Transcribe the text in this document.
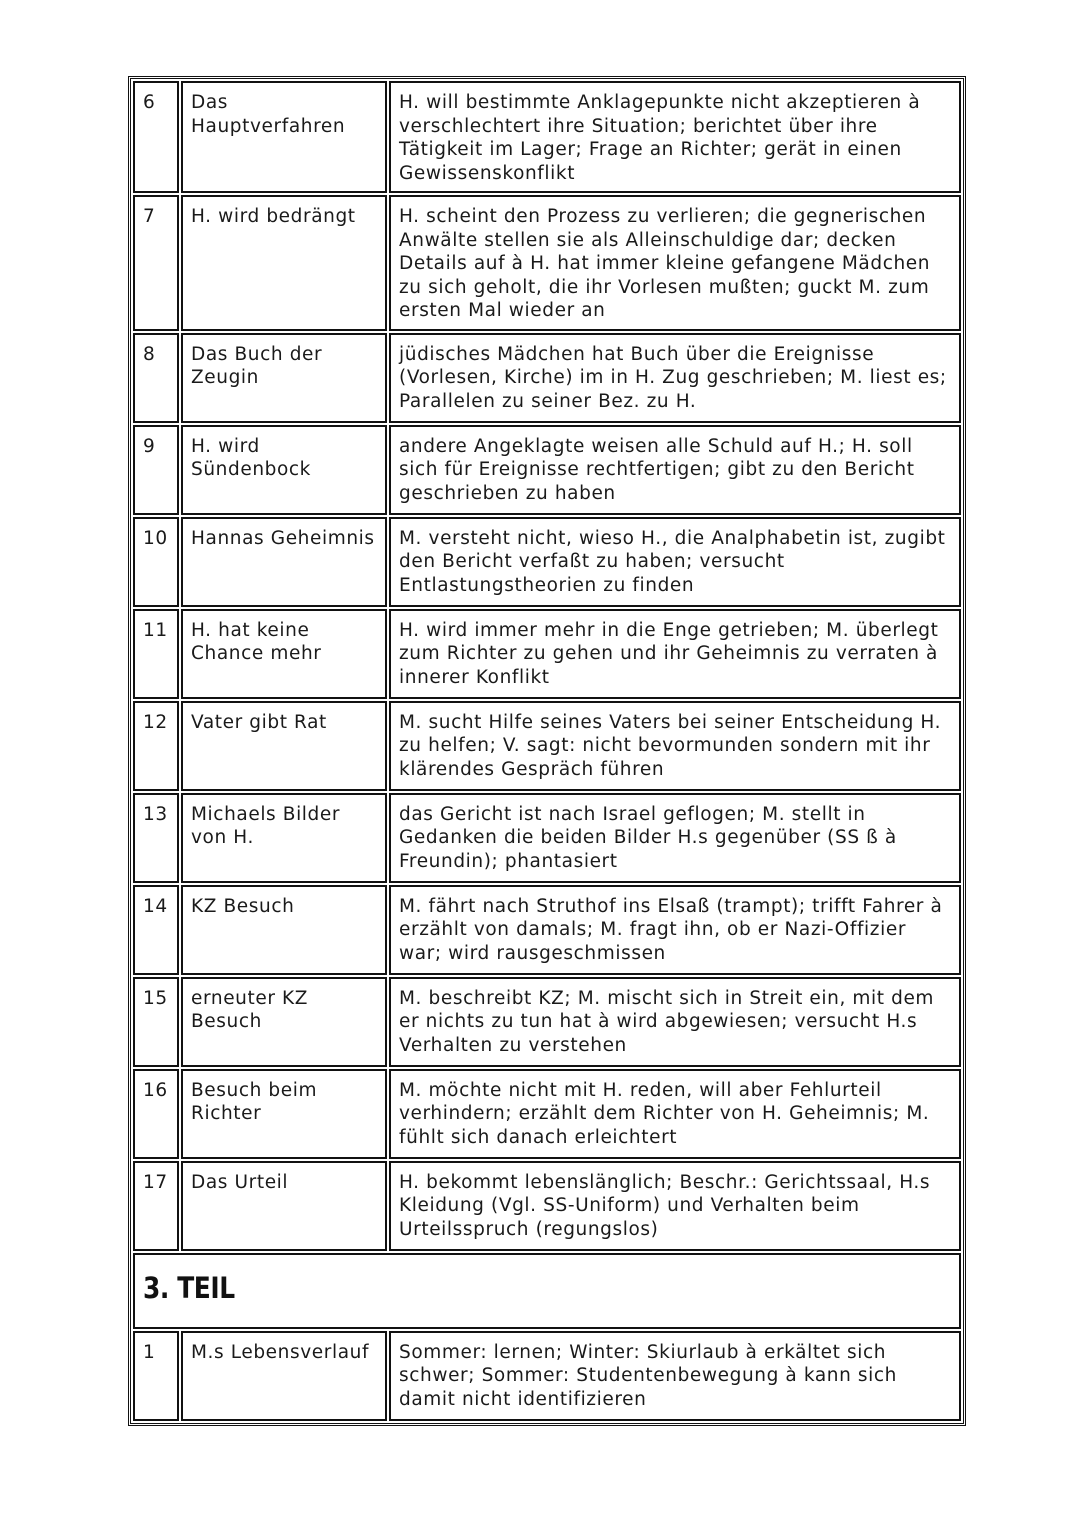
6	Das Hauptverfahren	H. will bestimmte Anklagepunkte nicht akzeptieren à verschlechtert ihre Situation; berichtet über ihre Tätigkeit im Lager; Frage an Richter; gerät in einen Gewissenskonflikt
7	H. wird bedrängt	H. scheint den Prozess zu verlieren; die gegnerischen Anwälte stellen sie als Alleinschuldige dar; decken Details auf à H. hat immer kleine gefangene Mädchen zu sich geholt, die ihr Vorlesen mußten; guckt M. zum ersten Mal wieder an
8	Das Buch der Zeugin	jüdisches Mädchen hat Buch über die Ereignisse (Vorlesen, Kirche) im in H. Zug geschrieben; M. liest es; Parallelen zu seiner Bez. zu H.
9	H. wird Sündenbock	andere Angeklagte weisen alle Schuld auf H.; H. soll sich für Ereignisse rechtfertigen; gibt zu den Bericht geschrieben zu haben
10	Hannas Geheimnis	M. versteht nicht, wieso H., die Analphabetin ist, zugibt den Bericht verfaßt zu haben; versucht Entlastungstheorien zu finden
11	H. hat keine Chance mehr	H. wird immer mehr in die Enge getrieben; M. überlegt zum Richter zu gehen und ihr Geheimnis zu verraten à innerer Konflikt
12	Vater gibt Rat	M. sucht Hilfe seines Vaters bei seiner Entscheidung H. zu helfen; V. sagt: nicht bevormunden sondern mit ihr klärendes Gespräch führen
13	Michaels Bilder von H.	das Gericht ist nach Israel geflogen; M. stellt in Gedanken die beiden Bilder H.s gegenüber (SS ß à Freundin); phantasiert
14	KZ Besuch	M. fährt nach Struthof ins Elsaß (trampt); trifft Fahrer à erzählt von damals; M. fragt ihn, ob er Nazi-Offizier war; wird rausgeschmissen
15	erneuter KZ Besuch	M. beschreibt KZ; M. mischt sich in Streit ein, mit dem er nichts zu tun hat à wird abgewiesen; versucht H.s Verhalten zu verstehen
16	Besuch beim Richter	M. möchte nicht mit H. reden, will aber Fehlurteil verhindern; erzählt dem Richter von H. Geheimnis; M. fühlt sich danach erleichtert
17	Das Urteil	H. bekommt lebenslänglich; Beschr.: Gerichtssaal, H.s Kleidung (Vgl. SS-Uniform) und Verhalten beim Urteilsspruch (regungslos)
3. TEIL		
1	M.s Lebensverlauf	Sommer: lernen; Winter: Skiurlaub à erkältet sich schwer; Sommer: Studentenbewegung à kann sich damit nicht identifizieren
